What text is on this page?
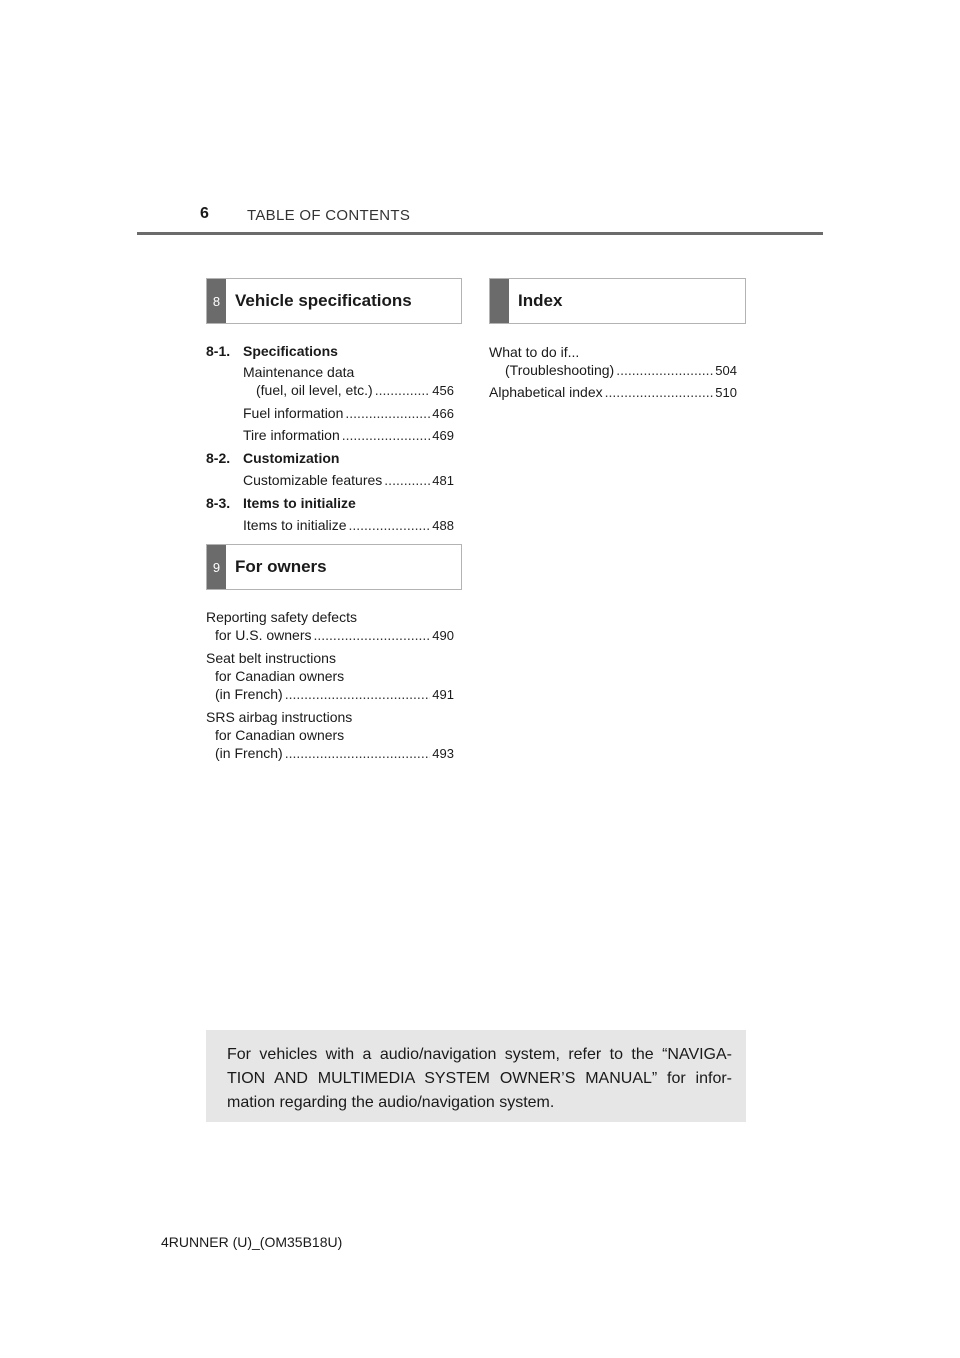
6	TABLE OF CONTENTS
8 Vehicle specifications
8-1. Specifications
Maintenance data
(fuel, oil level, etc.) .....	456
Fuel information .....	466
Tire information .....	469
8-2. Customization
Customizable features .....	481
8-3. Items to initialize
Items to initialize .....	488
9 For owners
Reporting safety defects
for U.S. owners .....	490
Seat belt instructions
for Canadian owners
(in French) .....	491
SRS airbag instructions
for Canadian owners
(in French) .....	493
Index
What to do if...
(Troubleshooting) .....	504
Alphabetical index .....	510
For vehicles with a audio/navigation system, refer to the “NAVIGA-TION AND MULTIMEDIA SYSTEM OWNER’S MANUAL” for infor-mation regarding the audio/navigation system.
4RUNNER (U)_(OM35B18U)
